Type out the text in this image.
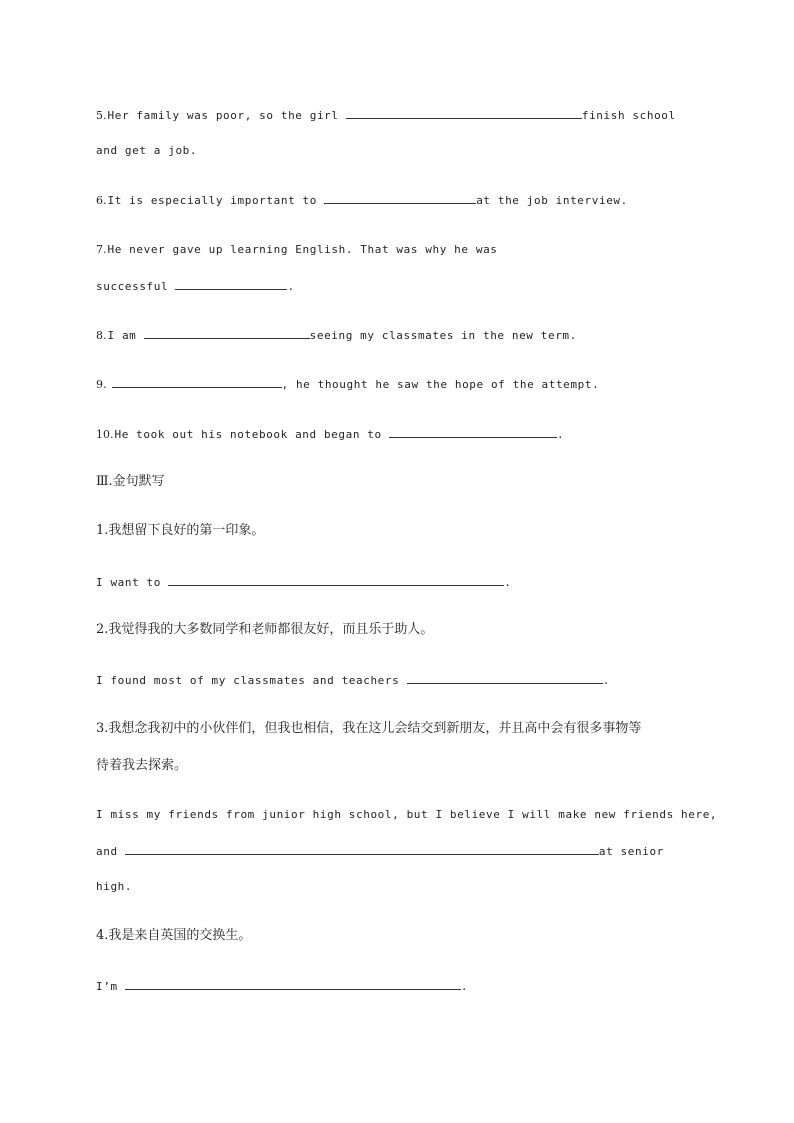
5.Her family was poor, so the girl	finish school
and get a job.
6.It is especially important to	at the job interview.
7.He never gave up learning English. That was why he was
successful	.
8.I am	seeing my classmates in the new term.
9.	, he thought he saw the hope of the attempt.
10.He took out his notebook and began to	.
Ⅲ.金句默写
1.我想留下良好的第一印象。
I want to	.
2.我觉得我的大多数同学和老师都很友好，而且乐于助人。
I found most of my classmates and teachers	.
3.我想念我初中的小伙伴们，但我也相信，我在这儿会结交到新朋友，并且高中会有很多事物等
待着我去探索。
I miss my friends from junior high school, but I believe I will make new friends here,
and	at senior
high.
4.我是来自英国的交换生。
I’m	.
